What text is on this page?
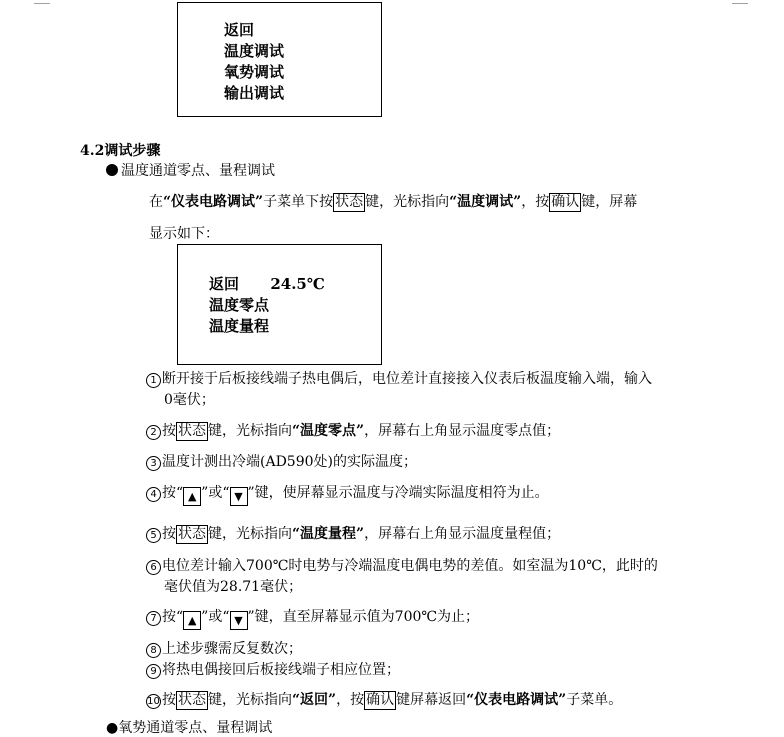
返回
温度调试
氧势调试
输出调试
4.2调试步骤
温度通道零点、量程调试
在“仪表电路调试”子菜单下按 状态 键，光标指向“温度调试”，按 确认 键，屏幕
显示如下：
返回      24.5℃
温度零点
温度量程
1 断开接于后板接线端子热电偶后，电位差计直接接入仪表后板温度输入端，输入
0毫伏；
2 按 状态 键，光标指向“温度零点”，屏幕右上角显示温度零点值；
3 温度计测出冷端(AD590处)的实际温度；
4 按“ ▲ ”或“ ▼ ”键，使屏幕显示温度与冷端实际温度相符为止。
5 按 状态 键，光标指向“温度量程”，屏幕右上角显示温度量程值；
6 电位差计输入700℃时电势与冷端温度电偶电势的差值。如室温为10℃，此时的
毫伏值为28.71毫伏；
7 按“ ▲ ”或“ ▼ ”键，直至屏幕显示值为700℃为止；
8 上述步骤需反复数次；
9 将热电偶接回后板接线端子相应位置；
10 按 状态 键，光标指向“返回”，按 确认 键屏幕返回“仪表电路调试”子菜单。
●氧势通道零点、量程调试
